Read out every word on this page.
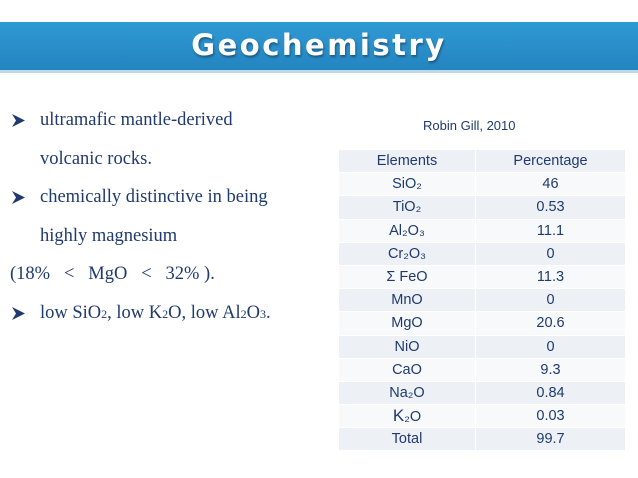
Geochemistry
ultramafic mantle-derived
volcanic rocks.
chemically distinctive in being
highly magnesium
(18%   <   MgO   <   32% ).
low SiO2, low K2O, low Al2O3.
Robin Gill, 2010
Elements	Percentage
SiO₂	46
TiO₂	0.53
Al₂O₃	11.1
Cr₂O₃	0
Σ FeO	11.3
MnO	0
MgO	20.6
NiO	0
CaO	9.3
Na₂O	0.84
K₂O	0.03
Total	99.7
